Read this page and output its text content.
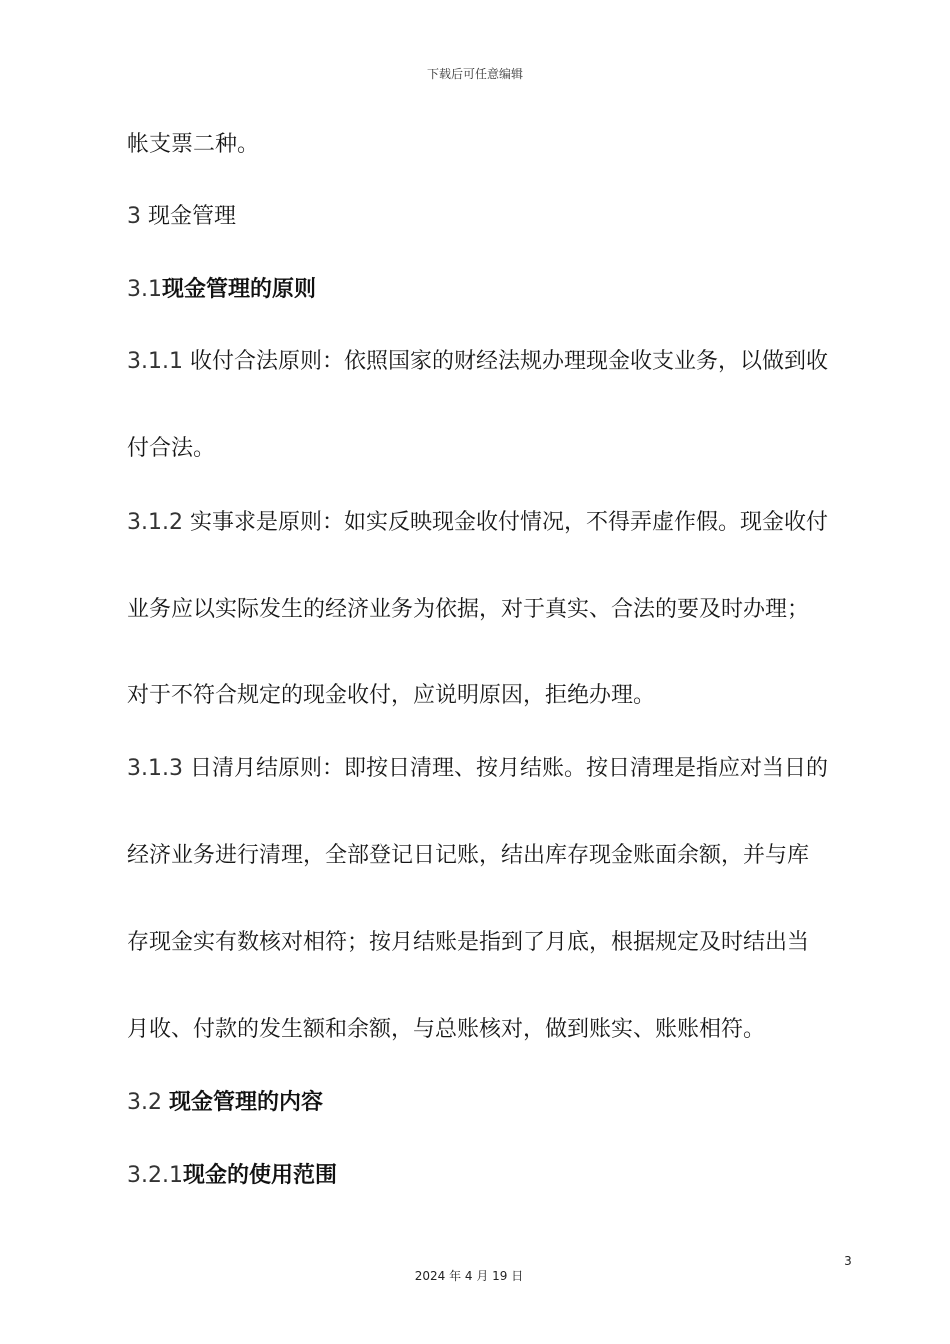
下载后可任意编辑
帐支票二种。
3 现金管理
3.1现金管理的原则
3.1.1 收付合法原则：依照国家的财经法规办理现金收支业务，以做到收
付合法。
3.1.2 实事求是原则：如实反映现金收付情况，不得弄虚作假。现金收付
业务应以实际发生的经济业务为依据，对于真实、合法的要及时办理；
对于不符合规定的现金收付，应说明原因，拒绝办理。
3.1.3 日清月结原则：即按日清理、按月结账。按日清理是指应对当日的
经济业务进行清理，全部登记日记账，结出库存现金账面余额，并与库
存现金实有数核对相符；按月结账是指到了月底，根据规定及时结出当
月收、付款的发生额和余额，与总账核对，做到账实、账账相符。
3.2 现金管理的内容
3.2.1现金的使用范围
3
2024 年 4 月 19 日
